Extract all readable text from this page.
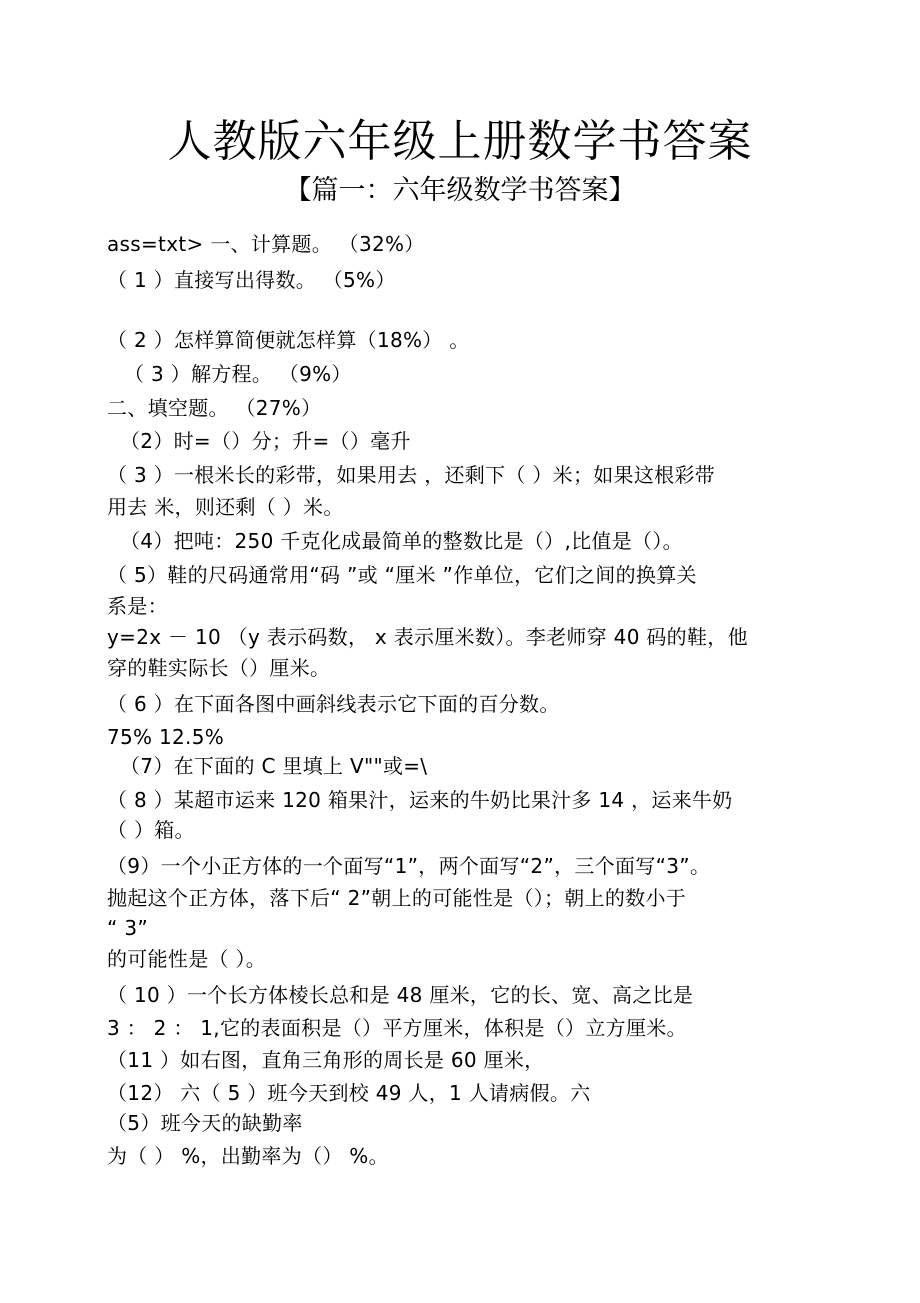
人教版六年级上册数学书答案
【篇一：六年级数学书答案】
ass=txt> 一、计算题。 （32%）
（ 1 ）直接写出得数。 （5%）
（ 2 ）怎样算简便就怎样算（18%） 。
（ 3 ）解方程。 （9%）
二、填空题。 （27%）
（2）时=（）分；升=（）毫升
（ 3 ）一根米长的彩带，如果用去 ，还剩下（ ）米；如果这根彩带
用去 米，则还剩（ ）米。
（4）把吨：250 千克化成最简单的整数比是（）,比值是（）。
（ 5）鞋的尺码通常用“码 ”或 “厘米 ”作单位，它们之间的换算关
系是：
y=2x － 10 （y 表示码数， x 表示厘米数）。李老师穿 40 码的鞋，他
穿的鞋实际长（）厘米。
（ 6 ）在下面各图中画斜线表示它下面的百分数。
75% 12.5%
（7）在下面的 C 里填上 V""或=\
（ 8 ）某超市运来 120 箱果汁，运来的牛奶比果汁多 14 ，运来牛奶
（ ）箱。
（9）一个小正方体的一个面写“1”，两个面写“2”，三个面写“3”。
抛起这个正方体，落下后“ 2”朝上的可能性是（）；朝上的数小于
“ 3”
的可能性是（ ）。
（ 10 ）一个长方体棱长总和是 48 厘米，它的长、宽、高之比是
3 ： 2 ： 1,它的表面积是（）平方厘米，体积是（）立方厘米。
（11 ）如右图，直角三角形的周长是 60 厘米，
（12） 六（ 5 ）班今天到校 49 人，1 人请病假。六
（5）班今天的缺勤率
为（ ） %，出勤率为（） %。
